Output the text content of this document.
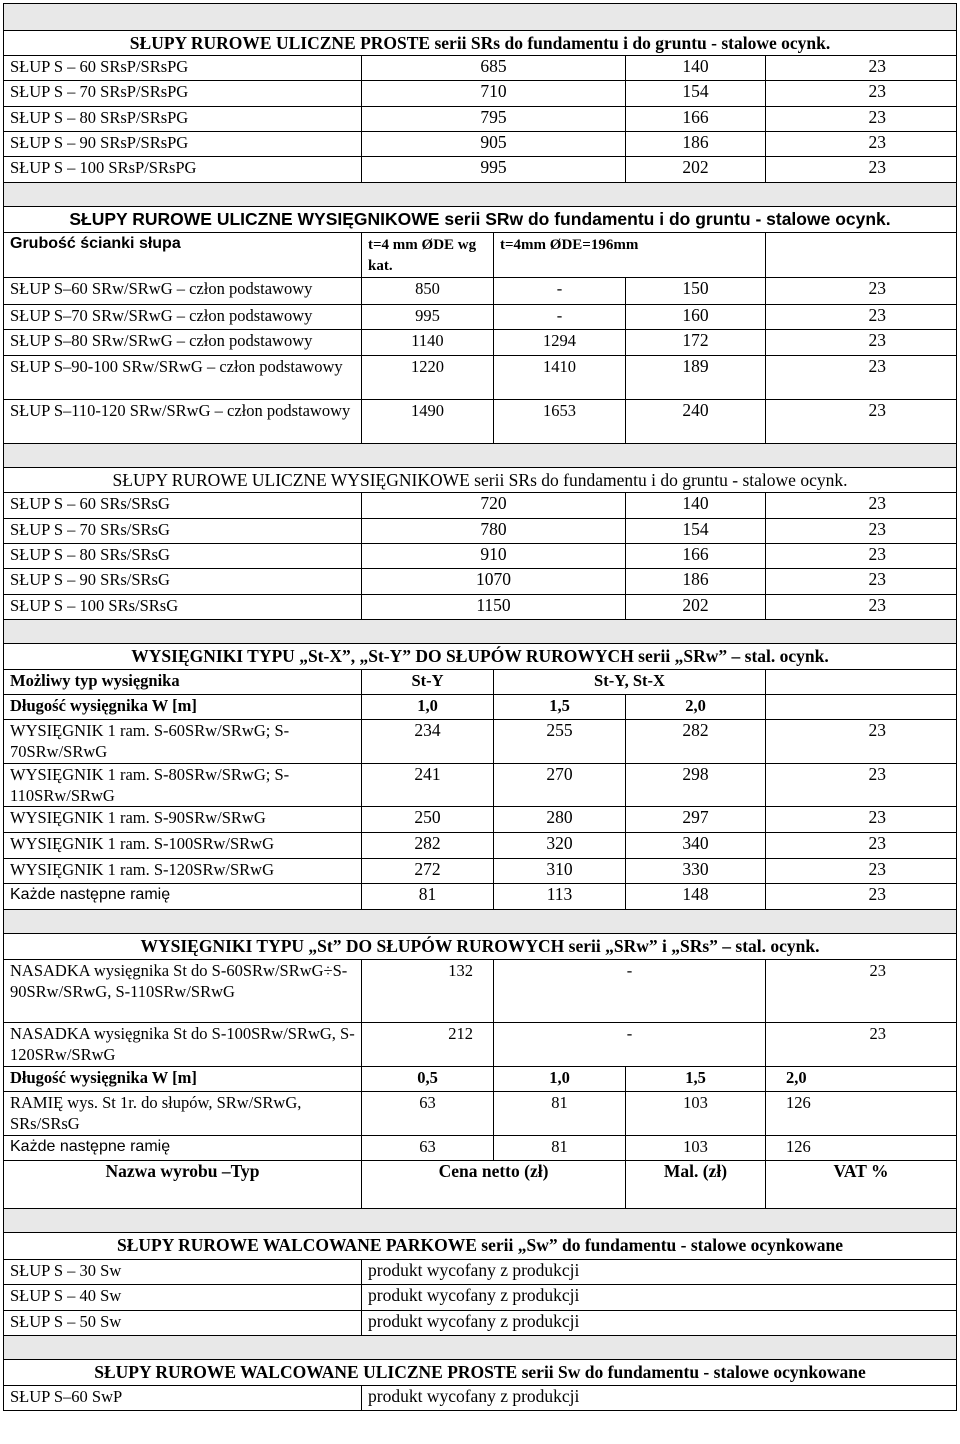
SŁUPY RUROWE ULICZNE PROSTE serii SRs do fundamentu i do gruntu - stalowe ocynk.				
SŁUP S – 60 SRsP/SRsPG	685		140	23
SŁUP S – 70 SRsP/SRsPG	710		154	23
SŁUP S – 80 SRsP/SRsPG	795		166	23
SŁUP S – 90 SRsP/SRsPG	905		186	23
SŁUP S – 100 SRsP/SRsPG	995		202	23

SŁUPY RUROWE ULICZNE WYSIĘGNIKOWE serii SRw do fundamentu i do gruntu - stalowe ocynk.				
Grubość ścianki słupa	t=4 mm ØDE wg kat.	t=4mm ØDE=196mm		
SŁUP S–60 SRw/SRwG – człon podstawowy	850	-	150	23
SŁUP S–70 SRw/SRwG – człon podstawowy	995	-	160	23
SŁUP S–80 SRw/SRwG – człon podstawowy	1140	1294	172	23
SŁUP S–90-100 SRw/SRwG – człon podstawowy	1220	1410	189	23
SŁUP S–110-120 SRw/SRwG – człon podstawowy	1490	1653	240	23

SŁUPY RUROWE ULICZNE WYSIĘGNIKOWE serii SRs do fundamentu i do gruntu - stalowe ocynk.				
SŁUP S – 60 SRs/SRsG	720		140	23
SŁUP S – 70 SRs/SRsG	780		154	23
SŁUP S – 80 SRs/SRsG	910		166	23
SŁUP S – 90 SRs/SRsG	1070		186	23
SŁUP S – 100 SRs/SRsG	1150		202	23

WYSIĘGNIKI TYPU „St-X”, „St-Y” DO SŁUPÓW RUROWYCH serii „SRw” – stal. ocynk.				
Możliwy typ wysięgnika	St-Y	St-Y, St-X		
Długość wysięgnika W [m]	1,0	1,5	2,0	
WYSIĘGNIK 1 ram. S-60SRw/SRwG; S-70SRw/SRwG	234	255	282	23
WYSIĘGNIK 1 ram. S-80SRw/SRwG; S-110SRw/SRwG	241	270	298	23
WYSIĘGNIK 1 ram. S-90SRw/SRwG	250	280	297	23
WYSIĘGNIK 1 ram. S-100SRw/SRwG	282	320	340	23
WYSIĘGNIK 1 ram. S-120SRw/SRwG	272	310	330	23
Każde następne ramię	81	113	148	23

WYSIĘGNIKI TYPU „St” DO SŁUPÓW RUROWYCH serii „SRw” i „SRs” – stal. ocynk.				
NASADKA wysięgnika St do S-60SRw/SRwG÷S-90SRw/SRwG, S-110SRw/SRwG	132	-		23
NASADKA wysięgnika St do S-100SRw/SRwG, S-120SRw/SRwG	212	-		23
Długość wysięgnika W [m]	0,5	1,0	1,5	2,0
RAMIĘ wys. St 1r. do słupów, SRw/SRwG, SRs/SRsG	63	81	103	126
Każde następne ramię	63	81	103	126
Nazwa wyrobu –Typ	Cena netto (zł)		Mal. (zł)	VAT %

SŁUPY RUROWE WALCOWANE PARKOWE serii „Sw” do fundamentu - stalowe ocynkowane				
SŁUP S – 30 Sw	produkt wycofany z produkcji			
SŁUP S – 40 Sw	produkt wycofany z produkcji			
SŁUP S – 50 Sw	produkt wycofany z produkcji			

SŁUPY RUROWE WALCOWANE ULICZNE PROSTE serii Sw do fundamentu - stalowe ocynkowane				
SŁUP S–60 SwP	produkt wycofany z produkcji			
